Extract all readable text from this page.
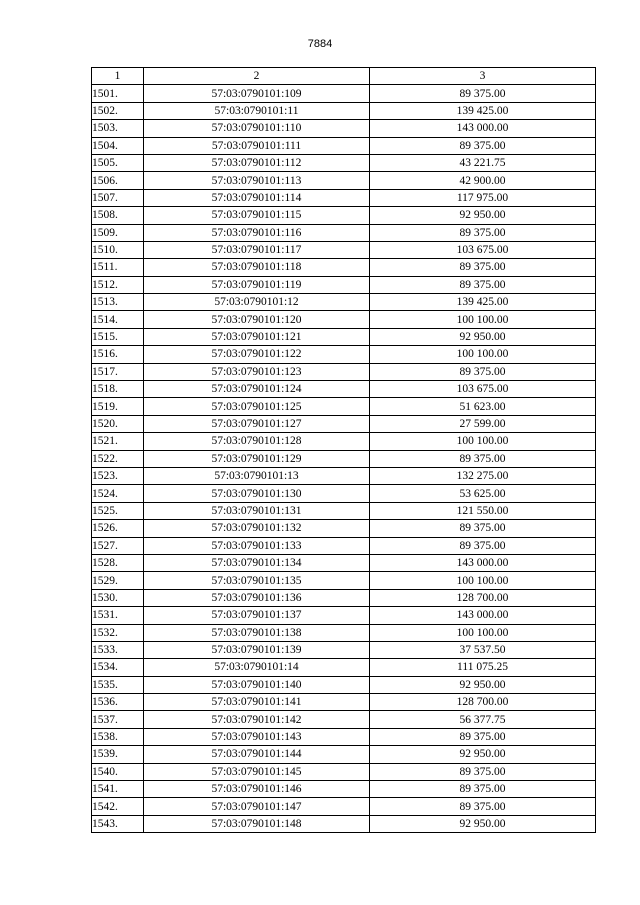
7884
1	2	3
1501.	57:03:0790101:109	89 375.00
1502.	57:03:0790101:11	139 425.00
1503.	57:03:0790101:110	143 000.00
1504.	57:03:0790101:111	89 375.00
1505.	57:03:0790101:112	43 221.75
1506.	57:03:0790101:113	42 900.00
1507.	57:03:0790101:114	117 975.00
1508.	57:03:0790101:115	92 950.00
1509.	57:03:0790101:116	89 375.00
1510.	57:03:0790101:117	103 675.00
1511.	57:03:0790101:118	89 375.00
1512.	57:03:0790101:119	89 375.00
1513.	57:03:0790101:12	139 425.00
1514.	57:03:0790101:120	100 100.00
1515.	57:03:0790101:121	92 950.00
1516.	57:03:0790101:122	100 100.00
1517.	57:03:0790101:123	89 375.00
1518.	57:03:0790101:124	103 675.00
1519.	57:03:0790101:125	51 623.00
1520.	57:03:0790101:127	27 599.00
1521.	57:03:0790101:128	100 100.00
1522.	57:03:0790101:129	89 375.00
1523.	57:03:0790101:13	132 275.00
1524.	57:03:0790101:130	53 625.00
1525.	57:03:0790101:131	121 550.00
1526.	57:03:0790101:132	89 375.00
1527.	57:03:0790101:133	89 375.00
1528.	57:03:0790101:134	143 000.00
1529.	57:03:0790101:135	100 100.00
1530.	57:03:0790101:136	128 700.00
1531.	57:03:0790101:137	143 000.00
1532.	57:03:0790101:138	100 100.00
1533.	57:03:0790101:139	37 537.50
1534.	57:03:0790101:14	111 075.25
1535.	57:03:0790101:140	92 950.00
1536.	57:03:0790101:141	128 700.00
1537.	57:03:0790101:142	56 377.75
1538.	57:03:0790101:143	89 375.00
1539.	57:03:0790101:144	92 950.00
1540.	57:03:0790101:145	89 375.00
1541.	57:03:0790101:146	89 375.00
1542.	57:03:0790101:147	89 375.00
1543.	57:03:0790101:148	92 950.00
